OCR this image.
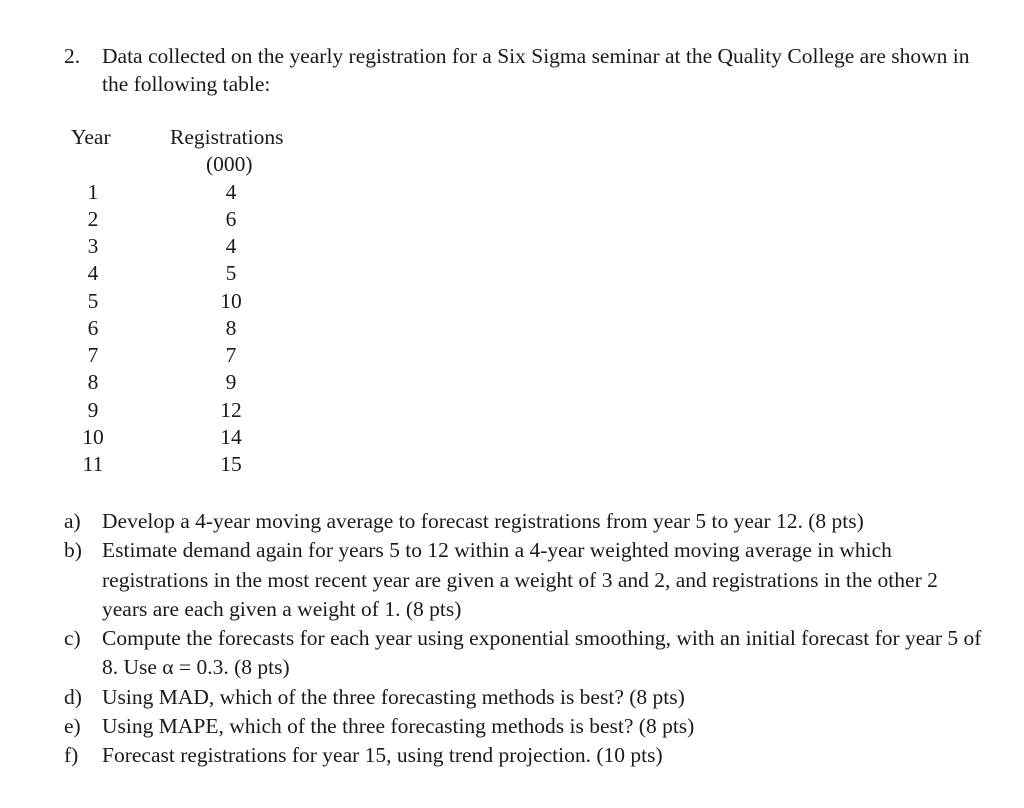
2. Data collected on the yearly registration for a Six Sigma seminar at the Quality College are shown in the following table:
Year	Registrations
(000)
1	4
2	6
3	4
4	5
5	10
6	8
7	7
8	9
9	12
10	14
11	15
a) Develop a 4-year moving average to forecast registrations from year 5 to year 12. (8 pts)
b) Estimate demand again for years 5 to 12 within a 4-year weighted moving average in which registrations in the most recent year are given a weight of 3 and 2, and registrations in the other 2 years are each given a weight of 1. (8 pts)
c) Compute the forecasts for each year using exponential smoothing, with an initial forecast for year 5 of 8. Use α = 0.3. (8 pts)
d) Using MAD, which of the three forecasting methods is best? (8 pts)
e) Using MAPE, which of the three forecasting methods is best? (8 pts)
f) Forecast registrations for year 15, using trend projection. (10 pts)
